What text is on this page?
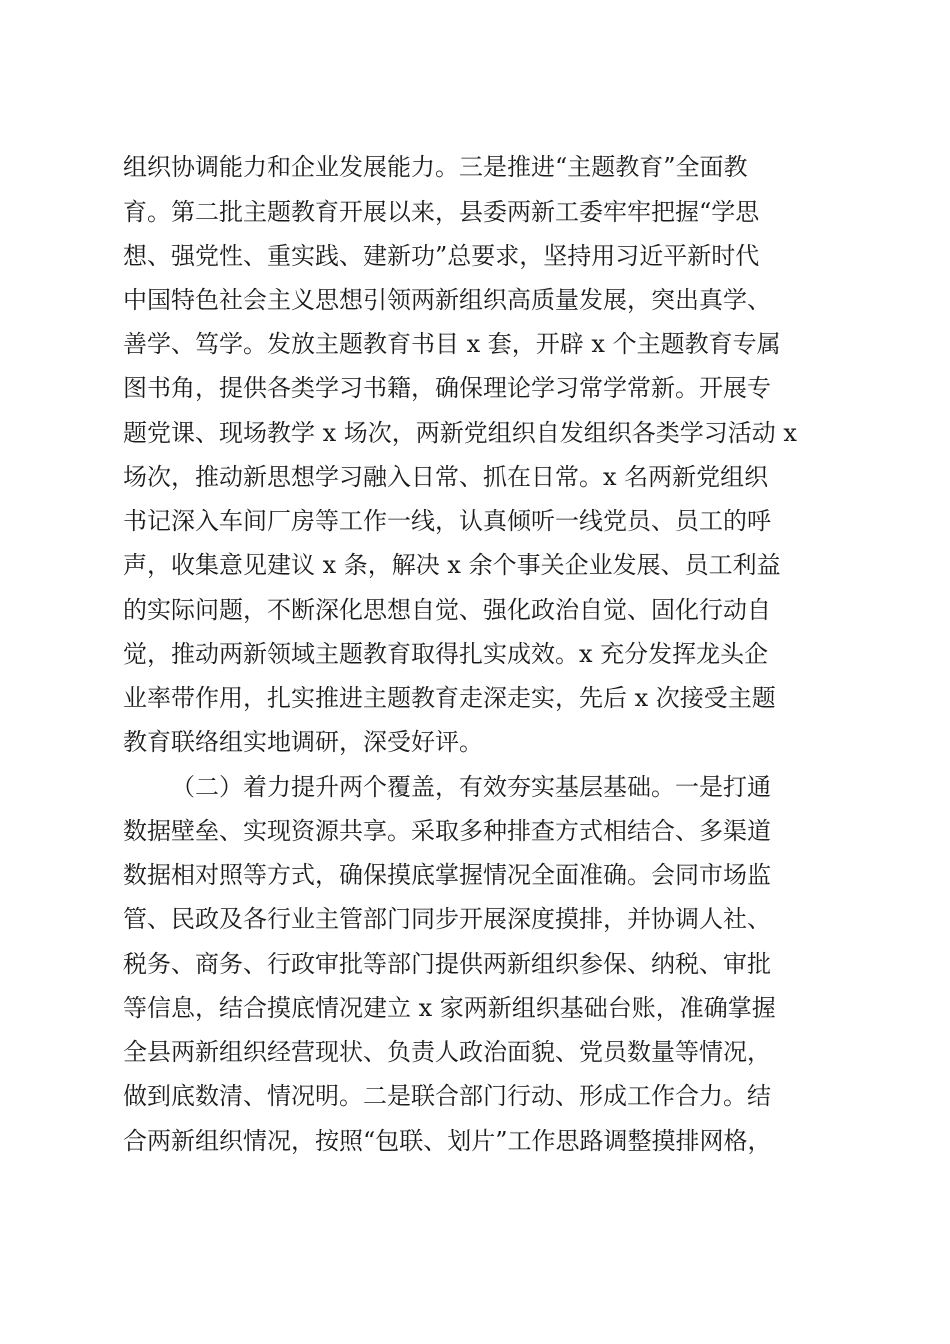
组织协调能力和企业发展能力。三是推进“主题教育”全面教

育。第二批主题教育开展以来，县委两新工委牢牢把握“学思

想、强党性、重实践、建新功”总要求，坚持用习近平新时代

中国特色社会主义思想引领两新组织高质量发展，突出真学、

善学、笃学。发放主题教育书目 x 套，开辟 x 个主题教育专属

图书角，提供各类学习书籍，确保理论学习常学常新。开展专

题党课、现场教学 x 场次，两新党组织自发组织各类学习活动 x

场次，推动新思想学习融入日常、抓在日常。x 名两新党组织

书记深入车间厂房等工作一线，认真倾听一线党员、员工的呼

声，收集意见建议 x 条，解决 x 余个事关企业发展、员工利益

的实际问题，不断深化思想自觉、强化政治自觉、固化行动自

觉，推动两新领域主题教育取得扎实成效。x 充分发挥龙头企

业率带作用，扎实推进主题教育走深走实，先后 x 次接受主题

教育联络组实地调研，深受好评。

（二）着力提升两个覆盖，有效夯实基层基础。一是打通

数据壁垒、实现资源共享。采取多种排查方式相结合、多渠道

数据相对照等方式，确保摸底掌握情况全面准确。会同市场监

管、民政及各行业主管部门同步开展深度摸排，并协调人社、

税务、商务、行政审批等部门提供两新组织参保、纳税、审批

等信息，结合摸底情况建立 x 家两新组织基础台账，准确掌握

全县两新组织经营现状、负责人政治面貌、党员数量等情况，

做到底数清、情况明。二是联合部门行动、形成工作合力。结

合两新组织情况，按照“包联、划片”工作思路调整摸排网格，
